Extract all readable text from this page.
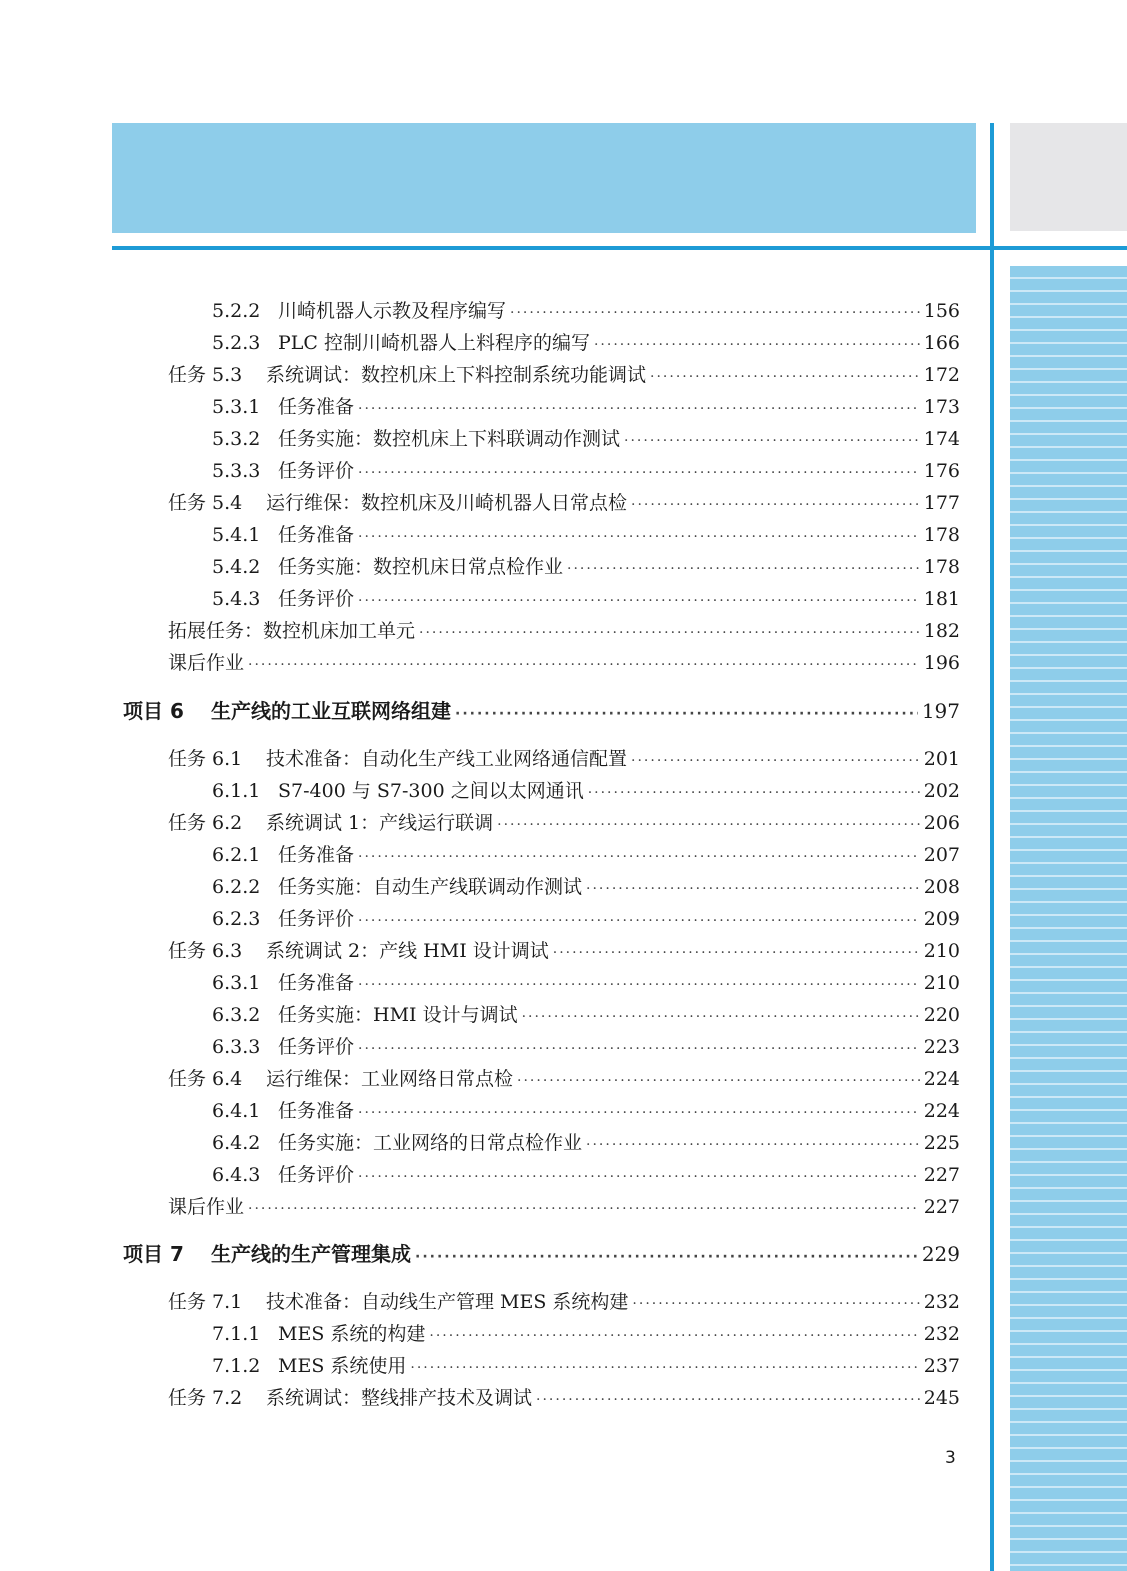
5.2.2 川崎机器人示教及程序编写 ·····	156
5.2.3 PLC 控制川崎机器人上料程序的编写 ·····	166
任务 5.3	系统调试：数控机床上下料控制系统功能调试 ·····	172
5.3.1 任务准备 ·····	173
5.3.2 任务实施：数控机床上下料联调动作测试 ·····	174
5.3.3 任务评价 ·····	176
任务 5.4	运行维保：数控机床及川崎机器人日常点检 ·····	177
5.4.1 任务准备 ·····	178
5.4.2 任务实施：数控机床日常点检作业 ·····	178
5.4.3 任务评价 ·····	181
拓展任务：数控机床加工单元 ·····	182
课后作业 ·····	196
项目 6	生产线的工业互联网络组建 ·····	197
任务 6.1	技术准备：自动化生产线工业网络通信配置 ·····	201
6.1.1 S7-400 与 S7-300 之间以太网通讯 ·····	202
任务 6.2	系统调试 1：产线运行联调 ·····	206
6.2.1 任务准备 ·····	207
6.2.2 任务实施：自动生产线联调动作测试 ·····	208
6.2.3 任务评价 ·····	209
任务 6.3	系统调试 2：产线 HMI 设计调试 ·····	210
6.3.1 任务准备 ·····	210
6.3.2 任务实施：HMI 设计与调试 ·····	220
6.3.3 任务评价 ·····	223
任务 6.4	运行维保：工业网络日常点检 ·····	224
6.4.1 任务准备 ·····	224
6.4.2 任务实施：工业网络的日常点检作业 ·····	225
6.4.3 任务评价 ·····	227
课后作业 ·····	227
项目 7	生产线的生产管理集成 ·····	229
任务 7.1	技术准备：自动线生产管理 MES 系统构建 ·····	232
7.1.1 MES 系统的构建 ·····	232
7.1.2 MES 系统使用 ·····	237
任务 7.2	系统调试：整线排产技术及调试 ·····	245
3
